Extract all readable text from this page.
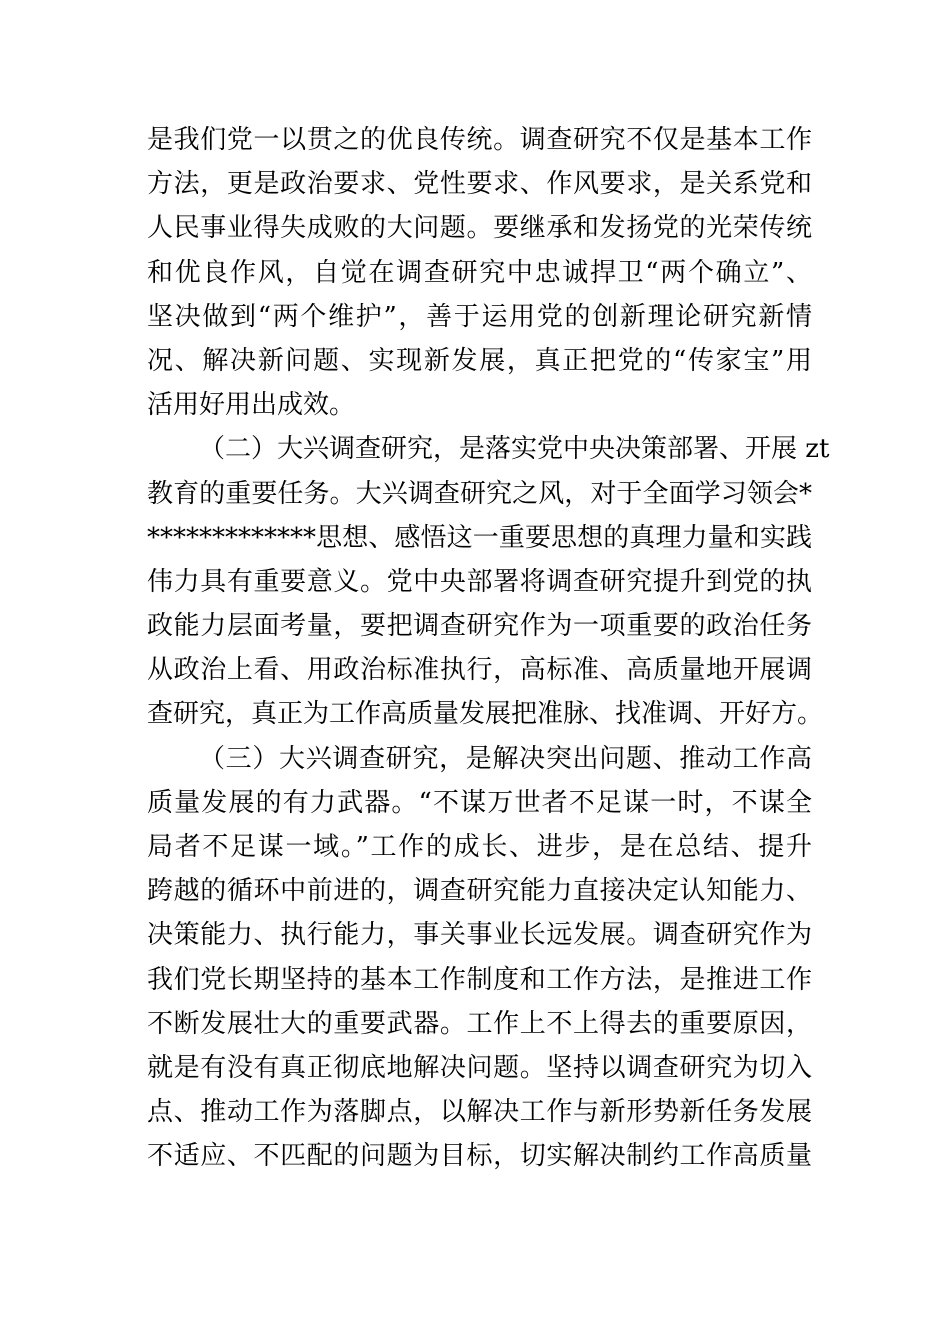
是我们党一以贯之的优良传统。调查研究不仅是基本工作
方法，更是政治要求、党性要求、作风要求，是关系党和
人民事业得失成败的大问题。要继承和发扬党的光荣传统
和优良作风，自觉在调查研究中忠诚捍卫“两个确立”、
坚决做到“两个维护”，善于运用党的创新理论研究新情
况、解决新问题、实现新发展，真正把党的“传家宝”用
活用好用出成效。
（二）大兴调查研究，是落实党中央决策部署、开展 zt
教育的重要任务。大兴调查研究之风，对于全面学习领会*
*************思想、感悟这一重要思想的真理力量和实践
伟力具有重要意义。党中央部署将调查研究提升到党的执
政能力层面考量，要把调查研究作为一项重要的政治任务
从政治上看、用政治标准执行，高标准、高质量地开展调
查研究，真正为工作高质量发展把准脉、找准调、开好方。
（三）大兴调查研究，是解决突出问题、推动工作高
质量发展的有力武器。“不谋万世者不足谋一时，不谋全
局者不足谋一域。”工作的成长、进步，是在总结、提升
跨越的循环中前进的，调查研究能力直接决定认知能力、
决策能力、执行能力，事关事业长远发展。调查研究作为
我们党长期坚持的基本工作制度和工作方法，是推进工作
不断发展壮大的重要武器。工作上不上得去的重要原因，
就是有没有真正彻底地解决问题。坚持以调查研究为切入
点、推动工作为落脚点，以解决工作与新形势新任务发展
不适应、不匹配的问题为目标，切实解决制约工作高质量
